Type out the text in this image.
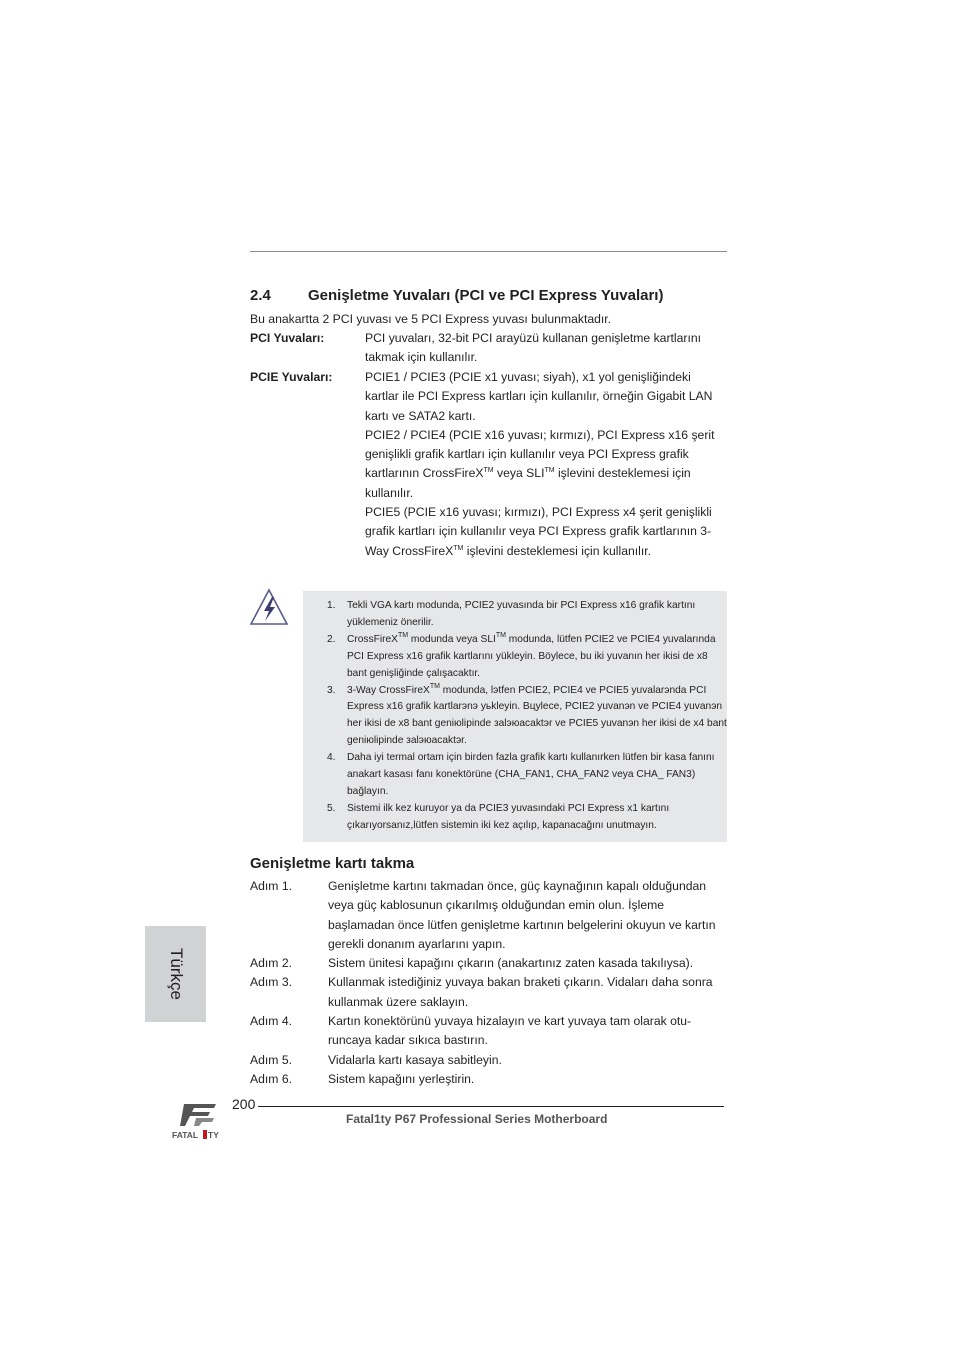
2.4 Genişletme Yuvaları (PCI ve PCI Express Yuvaları)
Bu anakartta 2 PCI yuvası ve 5 PCI Express yuvası bulunmaktadır.
PCI Yuvaları:	PCI yuvaları, 32-bit PCI arayüzü kullanan genişletme kartlarını takmak için kullanılır.

PCIE Yuvaları:	PCIE1 / PCIE3 (PCIE x1 yuvası; siyah), x1 yol genişliğindeki kartlar ile PCI Express kartları için kullanılır, örneğin Gigabit LAN kartı ve SATA2 kartı.

PCIE2 / PCIE4 (PCIE x16 yuvası; kırmızı), PCI Express x16 şerit genişlikli grafik kartları için kullanılır veya PCI Express grafik kartlarının CrossFireX™ veya SLI™ işlevini desteklemesi için kullanılır.

PCIE5 (PCIE x16 yuvası; kırmızı), PCI Express x4 şerit genişlikli grafik kartları için kullanılır veya PCI Express grafik kartlarının 3-Way CrossFireX™ işlevini desteklemesi için kullanılır.

1. Tekli VGA kartı modunda, PCIE2 yuvasında bir PCI Express x16 grafik kartını yüklemeniz önerilir.
2. CrossFireX™ modunda veya SLI™ modunda, lütfen PCIE2 ve PCIE4 yuvalarında PCI Express x16 grafik kartlarını yükleyin. Böylece, bu iki yuvanın her ikisi de x8 bant genişliğinde çalışacaktır.
3. 3-Way CrossFireX™ modunda, lэtfen PCIE2, PCIE4 ve PCIE5 yuvalarэnda PCI Express x16 grafik kartlarэnэ yьkleyin. Bцylece, PCIE2 yuvanэn ve PCIE4 yuvanэn her ikisi de x8 bant geniюlipinde зalэюacaktэr ve PCIE5 yuvanэn her ikisi de x4 bant geniюlipinde зalэюacaktэr.
4. Daha iyi termal ortam için birden fazla grafik kartı kullanırken lütfen bir kasa fanını anakart kasası fanı konektörüne (CHA_FAN1, CHA_FAN2 veya CHA_ FAN3) bağlayın.
5. Sistemi ilk kez kuruyor ya da PCIE3 yuvasındaki PCI Express x1 kartını çıkarıyorsanız,lütfen sistemin iki kez açılıp, kapanacağını unutmayın.
Genişletme kartı takma
Adım 1.	Genişletme kartını takmadan önce, güç kaynağının kapalı olduğundan veya güç kablosunun çıkarılmış olduğundan emin olun. İşleme başlamadan önce lütfen genişletme kartının belgelerini okuyun ve kartın gerekli donanım ayarlarını yapın.
Adım 2.	Sistem ünitesi kapağını çıkarın (anakartınız zaten kasada takılıysa).
Adım 3.	Kullanmak istediğiniz yuvaya bakan braketi çıkarın. Vidaları daha sonra kullanmak üzere saklayın.
Adım 4.	Kartın konektörünü yuvaya hizalayın ve kart yuvaya tam olarak otu- runcaya kadar sıkıca bastırın.
Adım 5.	Vidalarla kartı kasaya sabitleyin.
Adım 6.	Sistem kapağını yerleştirin.
Türkçe
FATAL TY
200
Fatal1ty P67 Professional Series Motherboard
